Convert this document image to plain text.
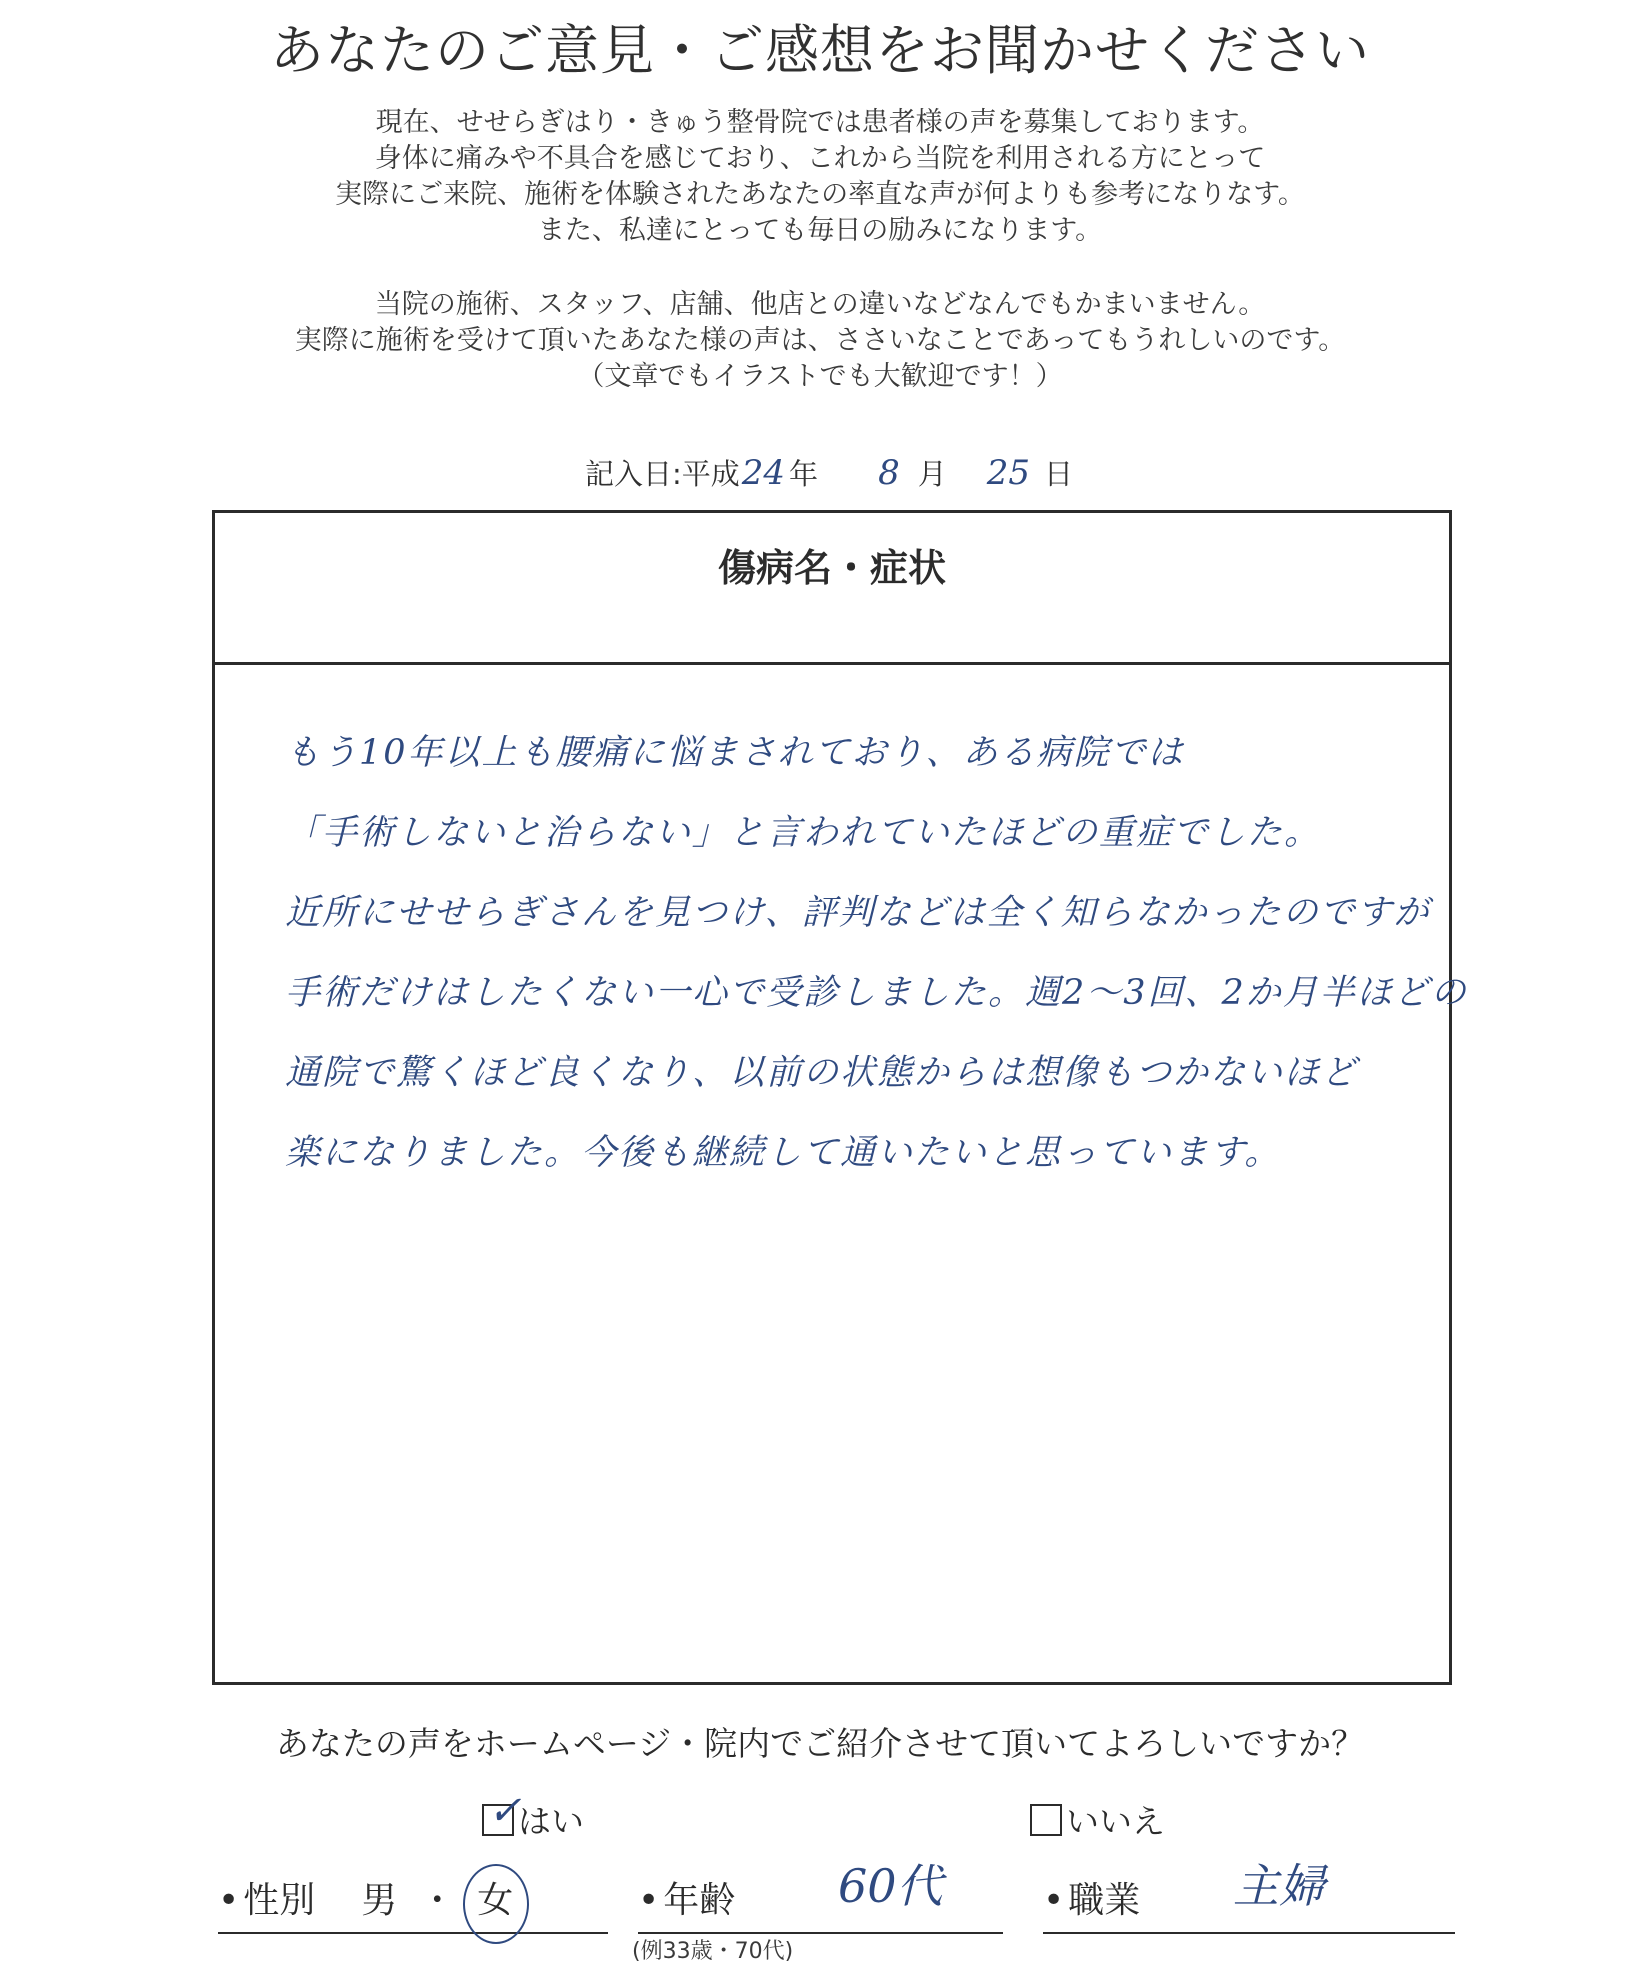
あなたのご意見・ご感想をお聞かせください

現在、せせらぎはり・きゅう整骨院では患者様の声を募集しております。

身体に痛みや不具合を感じており、これから当院を利用される方にとって

実際にご来院、施術を体験されたあなたの率直な声が何よりも参考になりなす。

また、私達にとっても毎日の励みになります。

当院の施術、スタッフ、店舗、他店との違いなどなんでもかまいません。

実際に施術を受けて頂いたあなた様の声は、ささいなことであってもうれしいのです。

（文章でもイラストでも大歓迎です！）

記入日:平成24 年 8 月 25 日
傷病名・症状
もう10年以上も腰痛に悩まされており、ある病院では
「手術しないと治らない」と言われていたほどの重症でした。
近所にせせらぎさんを見つけ、評判などは全く知らなかったのですが
手術だけはしたくない一心で受診しました。週2〜3回、2か月半ほどの
通院で驚くほど良くなり、以前の状態からは想像もつかないほど
楽になりました。今後も継続して通いたいと思っています。
あなたの声をホームページ・院内でご紹介させて頂いてよろしいですか？
✓
はい	いいえ
• 性別 男 ・ 女	• 年齢 60代
(例33歳・70代)
• 職業 主婦
